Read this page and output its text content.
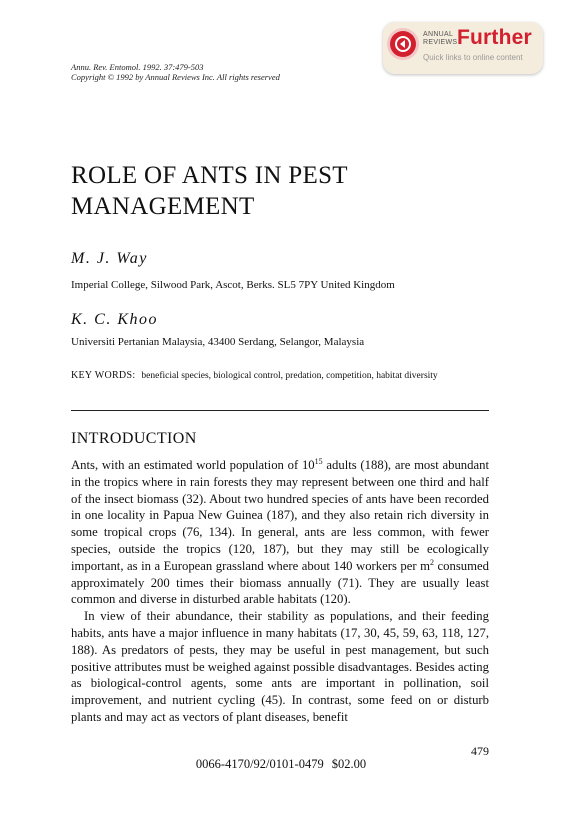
ANNUAL
REVIEWS Further
Quick links to online content
Annu. Rev. Entomol. 1992. 37:479-503
Copyright © 1992 by Annual Reviews Inc. All rights reserved
ROLE OF ANTS IN PEST MANAGEMENT
M. J. Way
Imperial College, Silwood Park, Ascot, Berks. SL5 7PY United Kingdom
K. C. Khoo
Universiti Pertanian Malaysia, 43400 Serdang, Selangor, Malaysia
KEY WORDS: beneficial species, biological control, predation, competition, habitat diversity
INTRODUCTION

Ants, with an estimated world population of $10^{15}$ adults (188), are most abundant in the tropics where in rain forests they may represent between one third and half of the insect biomass (32). About two hundred species of ants have been recorded in one locality in Papua New Guinea (187), and they also retain rich diversity in some tropical crops (76, 134). In general, ants are less common, with fewer species, outside the tropics (120, 187), but they may still be ecologically important, as in a European grassland where about 140 workers per $m^2$ consumed approximately 200 times their biomass annually (71). They are usually least common and diverse in disturbed arable habitats (120).

In view of their abundance, their stability as populations, and their feeding habits, ants have a major influence in many habitats (17, 30, 45, 59, 63, 118, 127, 188). As predators of pests, they may be useful in pest management, but such positive attributes must be weighed against possible disadvantages. Besides acting as biological-control agents, some ants are important in pollination, soil improvement, and nutrient cycling (45). In contrast, some feed on or disturb plants and may act as vectors of plant diseases, benefit

479
0066-4170/92/0101-0479 $02.00
